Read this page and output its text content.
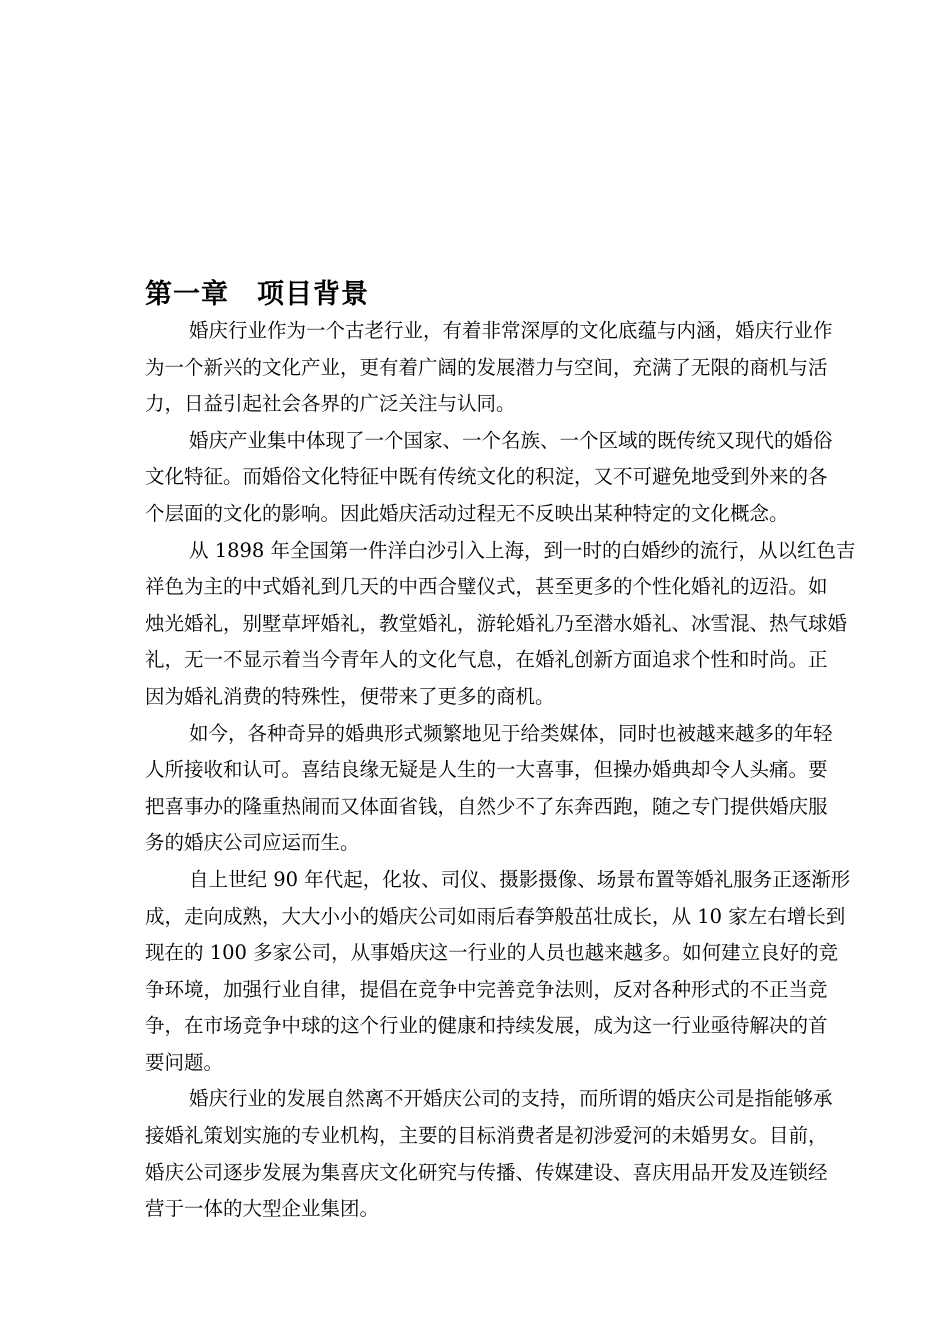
第一章　项目背景
婚庆行业作为一个古老行业，有着非常深厚的文化底蕴与内涵，婚庆行业作
为一个新兴的文化产业，更有着广阔的发展潜力与空间，充满了无限的商机与活
力，日益引起社会各界的广泛关注与认同。
婚庆产业集中体现了一个国家、一个名族、一个区域的既传统又现代的婚俗
文化特征。而婚俗文化特征中既有传统文化的积淀，又不可避免地受到外来的各
个层面的文化的影响。因此婚庆活动过程无不反映出某种特定的文化概念。
从 1898 年全国第一件洋白沙引入上海，到一时的白婚纱的流行，从以红色吉
祥色为主的中式婚礼到几天的中西合璧仪式，甚至更多的个性化婚礼的迈沿。如
烛光婚礼，别墅草坪婚礼，教堂婚礼，游轮婚礼乃至潜水婚礼、冰雪混、热气球婚
礼，无一不显示着当今青年人的文化气息，在婚礼创新方面追求个性和时尚。正
因为婚礼消费的特殊性，便带来了更多的商机。
如今，各种奇异的婚典形式频繁地见于给类媒体，同时也被越来越多的年轻
人所接收和认可。喜结良缘无疑是人生的一大喜事，但操办婚典却令人头痛。要
把喜事办的隆重热闹而又体面省钱，自然少不了东奔西跑，随之专门提供婚庆服
务的婚庆公司应运而生。
自上世纪 90 年代起，化妆、司仪、摄影摄像、场景布置等婚礼服务正逐渐形
成，走向成熟，大大小小的婚庆公司如雨后春笋般茁壮成长，从 10 家左右增长到
现在的 100 多家公司，从事婚庆这一行业的人员也越来越多。如何建立良好的竞
争环境，加强行业自律，提倡在竞争中完善竞争法则，反对各种形式的不正当竞
争，在市场竞争中球的这个行业的健康和持续发展，成为这一行业亟待解决的首
要问题。
婚庆行业的发展自然离不开婚庆公司的支持，而所谓的婚庆公司是指能够承
接婚礼策划实施的专业机构，主要的目标消费者是初涉爱河的未婚男女。目前，
婚庆公司逐步发展为集喜庆文化研究与传播、传媒建设、喜庆用品开发及连锁经
营于一体的大型企业集团。
